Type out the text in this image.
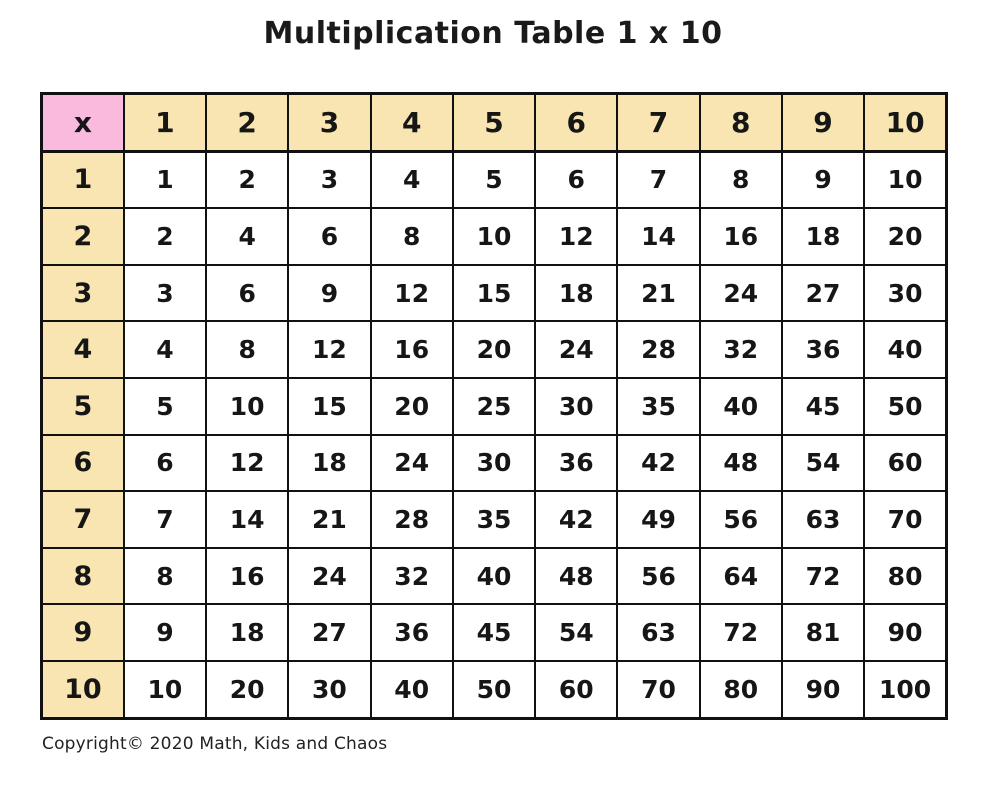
Multiplication Table 1 x 10
x	1	2	3	4	5	6	7	8	9	10
1	1	2	3	4	5	6	7	8	9	10
2	2	4	6	8	10	12	14	16	18	20
3	3	6	9	12	15	18	21	24	27	30
4	4	8	12	16	20	24	28	32	36	40
5	5	10	15	20	25	30	35	40	45	50
6	6	12	18	24	30	36	42	48	54	60
7	7	14	21	28	35	42	49	56	63	70
8	8	16	24	32	40	48	56	64	72	80
9	9	18	27	36	45	54	63	72	81	90
10	10	20	30	40	50	60	70	80	90	100
Copyright© 2020 Math, Kids and Chaos
